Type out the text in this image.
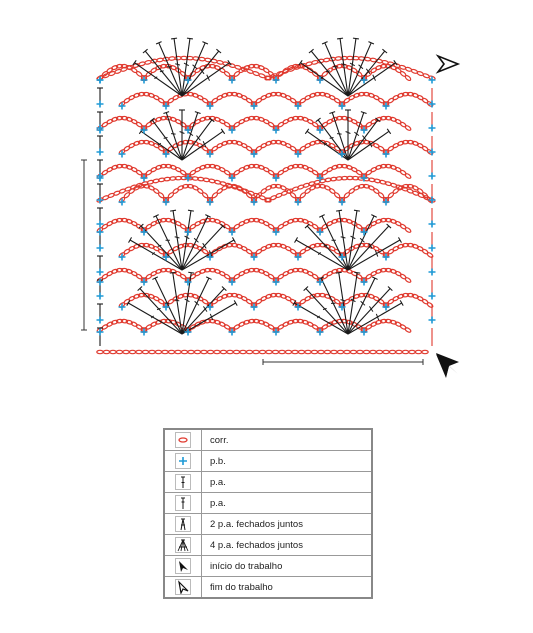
	corr.

	p.b.

	p.a.

	p.a.

	2 p.a. fechados juntos

	4 p.a. fechados juntos

	início do trabalho

	fim do trabalho
